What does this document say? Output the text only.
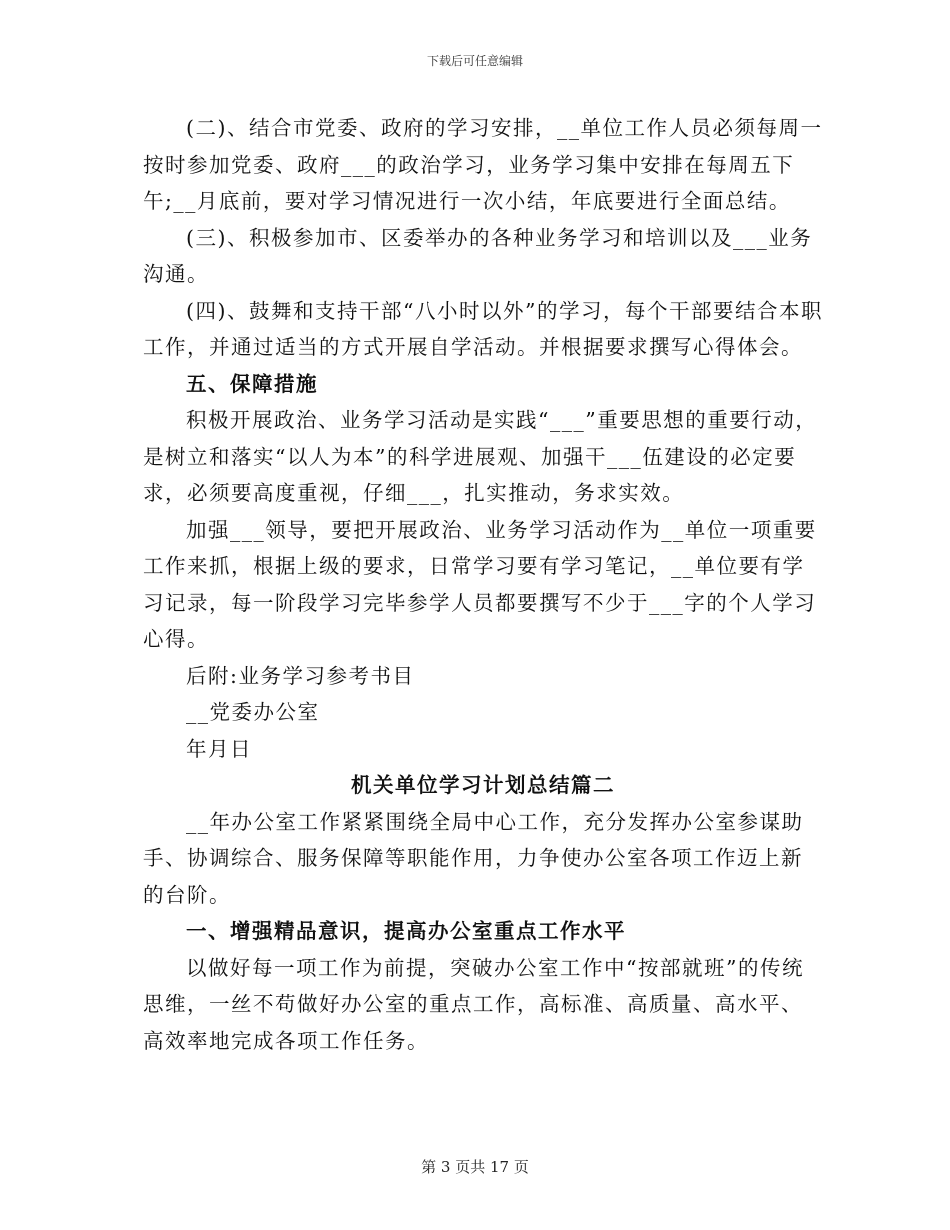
下载后可任意编辑

(二)、结合市党委、政府的学习安排，__单位工作人员必须每周一按时参加党委、政府___的政治学习，业务学习集中安排在每周五下午;__月底前，要对学习情况进行一次小结，年底要进行全面总结。

(三)、积极参加市、区委举办的各种业务学习和培训以及___业务沟通。

(四)、鼓舞和支持干部“八小时以外”的学习，每个干部要结合本职工作，并通过适当的方式开展自学活动。并根据要求撰写心得体会。

五、保障措施

积极开展政治、业务学习活动是实践“___”重要思想的重要行动，是树立和落实“以人为本”的科学进展观、加强干___伍建设的必定要求，必须要高度重视，仔细___，扎实推动，务求实效。

加强___领导，要把开展政治、业务学习活动作为__单位一项重要工作来抓，根据上级的要求，日常学习要有学习笔记，__单位要有学习记录，每一阶段学习完毕参学人员都要撰写不少于___字的个人学习心得。

后附:业务学习参考书目

__党委办公室

年月日

机关单位学习计划总结篇二

__年办公室工作紧紧围绕全局中心工作，充分发挥办公室参谋助手、协调综合、服务保障等职能作用，力争使办公室各项工作迈上新的台阶。

一、增强精品意识，提高办公室重点工作水平

以做好每一项工作为前提，突破办公室工作中“按部就班”的传统思维，一丝不苟做好办公室的重点工作，高标准、高质量、高水平、高效率地完成各项工作任务。

第 3 页共 17 页
